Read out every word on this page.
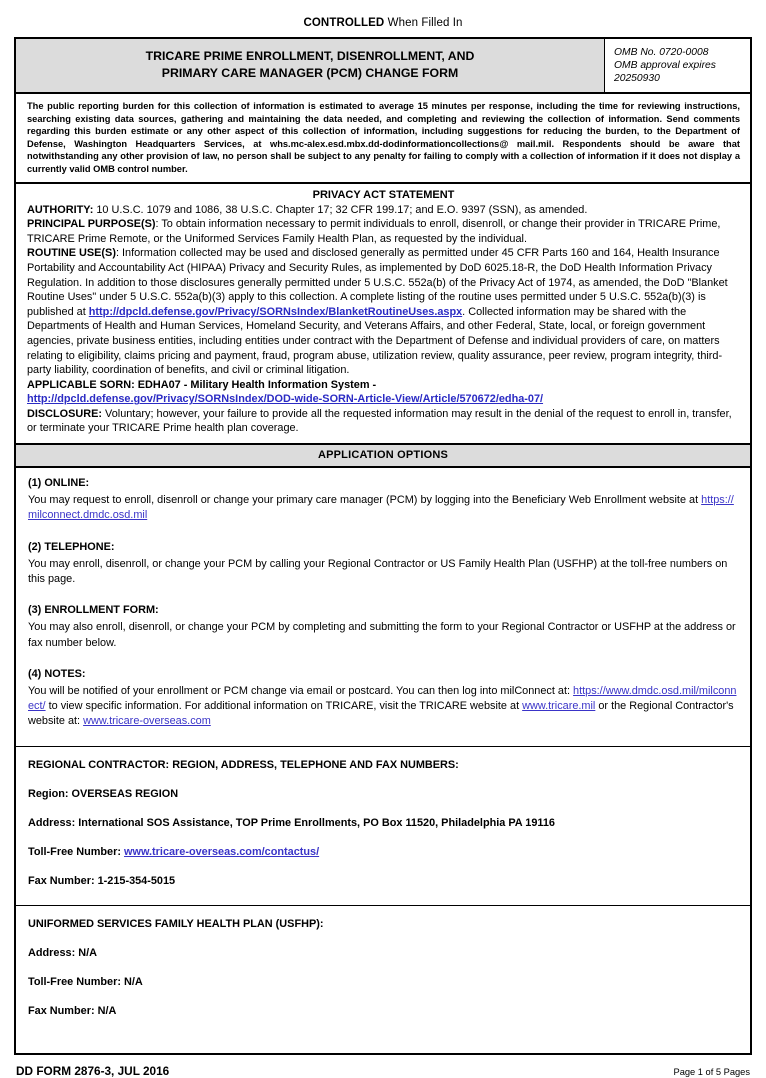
CONTROLLED When Filled In
TRICARE PRIME ENROLLMENT, DISENROLLMENT, AND
PRIMARY CARE MANAGER (PCM) CHANGE FORM
OMB No. 0720-0008
OMB approval expires
20250930
The public reporting burden for this collection of information is estimated to average 15 minutes per response, including the time for reviewing instructions, searching existing data sources, gathering and maintaining the data needed, and completing and reviewing the collection of information. Send comments regarding this burden estimate or any other aspect of this collection of information, including suggestions for reducing the burden, to the Department of Defense, Washington Headquarters Services, at whs.mc-alex.esd.mbx.dd-dodinformationcollections@ mail.mil. Respondents should be aware that notwithstanding any other provision of law, no person shall be subject to any penalty for failing to comply with a collection of information if it does not display a currently valid OMB control number.
PRIVACY ACT STATEMENT

AUTHORITY: 10 U.S.C. 1079 and 1086, 38 U.S.C. Chapter 17; 32 CFR 199.17; and E.O. 9397 (SSN), as amended.

PRINCIPAL PURPOSE(S): To obtain information necessary to permit individuals to enroll, disenroll, or change their provider in TRICARE Prime, TRICARE Prime Remote, or the Uniformed Services Family Health Plan, as requested by the individual.

ROUTINE USE(S): Information collected may be used and disclosed generally as permitted under 45 CFR Parts 160 and 164, Health Insurance Portability and Accountability Act (HIPAA) Privacy and Security Rules, as implemented by DoD 6025.18-R, the DoD Health Information Privacy Regulation. In addition to those disclosures generally permitted under 5 U.S.C. 552a(b) of the Privacy Act of 1974, as amended, the DoD "Blanket Routine Uses" under 5 U.S.C. 552a(b)(3) apply to this collection. A complete listing of the routine uses permitted under 5 U.S.C. 552a(b)(3) is published at http://dpcld.defense.gov/Privacy/SORNsIndex/BlanketRoutineUses.aspx. Collected information may be shared with the Departments of Health and Human Services, Homeland Security, and Veterans Affairs, and other Federal, State, local, or foreign government agencies, private business entities, including entities under contract with the Department of Defense and individual providers of care, on matters relating to eligibility, claims pricing and payment, fraud, program abuse, utilization review, quality assurance, peer review, program integrity, third-party liability, coordination of benefits, and civil or criminal litigation.

APPLICABLE SORN: EDHA07 - Military Health Information System -
http://dpcld.defense.gov/Privacy/SORNsIndex/DOD-wide-SORN-Article-View/Article/570672/edha-07/

DISCLOSURE: Voluntary; however, your failure to provide all the requested information may result in the denial of the request to enroll in, transfer, or terminate your TRICARE Prime health plan coverage.

APPLICATION OPTIONS
(1) ONLINE:
You may request to enroll, disenroll or change your primary care manager (PCM) by logging into the Beneficiary Web Enrollment website at https://milconnect.dmdc.osd.mil
(2) TELEPHONE:
You may enroll, disenroll, or change your PCM by calling your Regional Contractor or US Family Health Plan (USFHP) at the toll-free numbers on this page.
(3) ENROLLMENT FORM:
You may also enroll, disenroll, or change your PCM by completing and submitting the form to your Regional Contractor or USFHP at the address or fax number below.
(4) NOTES:
You will be notified of your enrollment or PCM change via email or postcard. You can then log into milConnect at: https://www.dmdc.osd.mil/milconnect/ to view specific information. For additional information on TRICARE, visit the TRICARE website at www.tricare.mil or the Regional Contractor's website at: www.tricare-overseas.com
REGIONAL CONTRACTOR: REGION, ADDRESS, TELEPHONE AND FAX NUMBERS:
Region: OVERSEAS REGION
Address: International SOS Assistance, TOP Prime Enrollments, PO Box 11520, Philadelphia PA 19116
Toll-Free Number: www.tricare-overseas.com/contactus/
Fax Number: 1-215-354-5015
UNIFORMED SERVICES FAMILY HEALTH PLAN (USFHP):
Address: N/A
Toll-Free Number: N/A
Fax Number: N/A
DD FORM 2876-3, JUL 2016	Page 1 of 5 Pages
